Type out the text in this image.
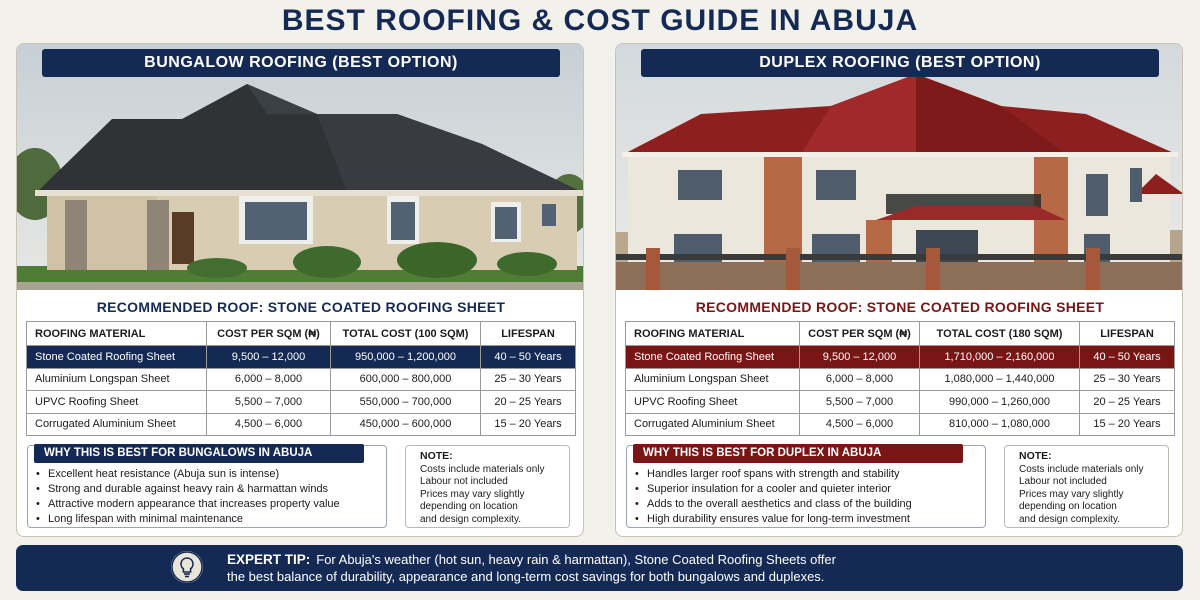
BEST ROOFING & COST GUIDE IN ABUJA
BUNGALOW ROOFING (BEST OPTION)
RECOMMENDED ROOF: STONE COATED ROOFING SHEET
ROOFING MATERIAL	COST PER SQM (₦)	TOTAL COST (100 SQM)	LIFESPAN
Stone Coated Roofing Sheet	9,500 – 12,000	950,000 – 1,200,000	40 – 50 Years
Aluminium Longspan Sheet	6,000 – 8,000	600,000 – 800,000	25 – 30 Years
UPVC Roofing Sheet	5,500 – 7,000	550,000 – 700,000	20 – 25 Years
Corrugated Aluminium Sheet	4,500 – 6,000	450,000 – 600,000	15 – 20 Years
WHY THIS IS BEST FOR BUNGALOWS IN ABUJA
• Excellent heat resistance (Abuja sun is intense)
• Strong and durable against heavy rain & harmattan winds
• Attractive modern appearance that increases property value
• Long lifespan with minimal maintenance
NOTE:
Costs include materials only
Labour not included
Prices may vary slightly
depending on location
and design complexity.
DUPLEX ROOFING (BEST OPTION)
RECOMMENDED ROOF: STONE COATED ROOFING SHEET
ROOFING MATERIAL	COST PER SQM (₦)	TOTAL COST (180 SQM)	LIFESPAN
Stone Coated Roofing Sheet	9,500 – 12,000	1,710,000 – 2,160,000	40 – 50 Years
Aluminium Longspan Sheet	6,000 – 8,000	1,080,000 – 1,440,000	25 – 30 Years
UPVC Roofing Sheet	5,500 – 7,000	990,000 – 1,260,000	20 – 25 Years
Corrugated Aluminium Sheet	4,500 – 6,000	810,000 – 1,080,000	15 – 20 Years
WHY THIS IS BEST FOR DUPLEX IN ABUJA
• Handles larger roof spans with strength and stability
• Superior insulation for a cooler and quieter interior
• Adds to the overall aesthetics and class of the building
• High durability ensures value for long-term investment
NOTE:
Costs include materials only
Labour not included
Prices may vary slightly
depending on location
and design complexity.
EXPERT TIP: For Abuja's weather (hot sun, heavy rain & harmattan), Stone Coated Roofing Sheets offer
the best balance of durability, appearance and long-term cost savings for both bungalows and duplexes.
